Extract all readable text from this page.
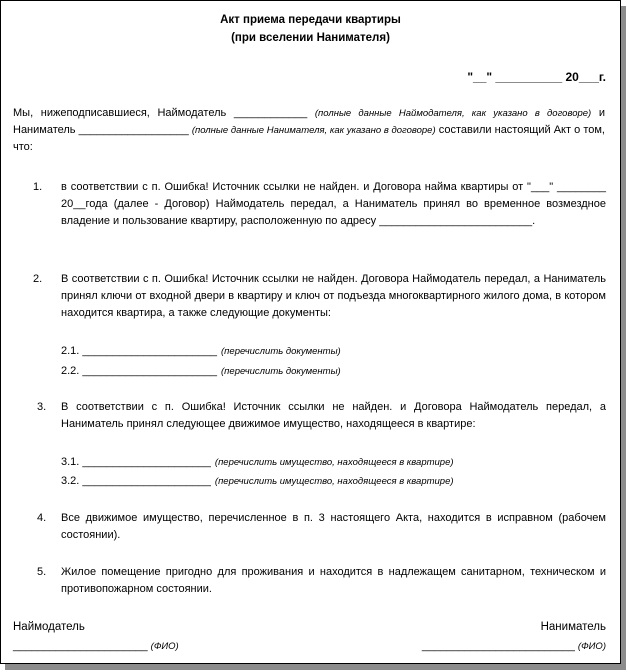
Акт приема передачи квартиры
(при вселении Нанимателя)
"__" __________ 20___г.
Мы, нижеподписавшиеся, Наймодатель ____________ (полные данные Наймодателя, как указано в договоре) и Наниматель __________________ (полные данные Нанимателя, как указано в договоре) составили настоящий Акт о том, что:
1. в соответствии с п. Ошибка! Источник ссылки не найден. и Договора найма квартиры от "___" ________ 20__года (далее - Договор) Наймодатель передал, а Наниматель принял во временное возмездное владение и пользование квартиру, расположенную по адресу _________________________.
2. В соответствии с п. Ошибка! Источник ссылки не найден. Договора Наймодатель передал, а Наниматель принял ключи от входной двери в квартиру и ключ от подъезда многоквартирного жилого дома, в котором находится квартира, а также следующие документы:
2.1. ______________________ (перечислить документы)
2.2. ______________________ (перечислить документы)
3. В соответствии с п. Ошибка! Источник ссылки не найден. и Договора Наймодатель передал, а Наниматель принял следующее движимое имущество, находящееся в квартире:
3.1. _____________________ (перечислить имущество, находящееся в квартире)
3.2. _____________________ (перечислить имущество, находящееся в квартире)
4. Все движимое имущество, перечисленное в п. 3 настоящего Акта, находится в исправном (рабочем состоянии).
5. Жилое помещение пригодно для проживания и находится в надлежащем санитарном, техническом и противопожарном состоянии.
Наймодатель	Наниматель
______________________ (ФИО)	_________________________ (ФИО)
